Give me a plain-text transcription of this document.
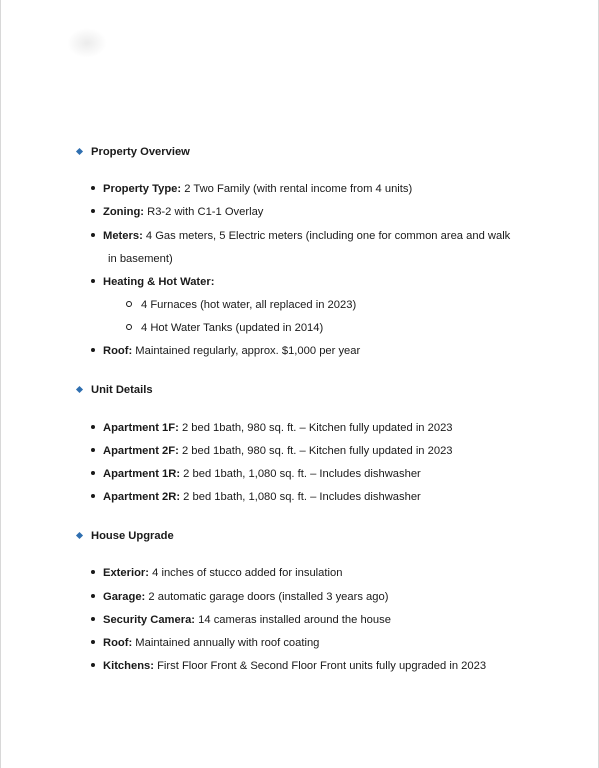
Property Overview
Property Type: 2 Two Family (with rental income from 4 units)
Zoning: R3-2 with C1-1 Overlay
Meters: 4 Gas meters, 5 Electric meters (including one for common area and walk
in basement)
Heating & Hot Water:
4 Furnaces (hot water, all replaced in 2023)
4 Hot Water Tanks (updated in 2014)
Roof: Maintained regularly, approx. $1,000 per year
Unit Details
Apartment 1F: 2 bed 1bath, 980 sq. ft. – Kitchen fully updated in 2023
Apartment 2F: 2 bed 1bath, 980 sq. ft. – Kitchen fully updated in 2023
Apartment 1R: 2 bed 1bath, 1,080 sq. ft. – Includes dishwasher
Apartment 2R: 2 bed 1bath, 1,080 sq. ft. – Includes dishwasher
House Upgrade
Exterior: 4 inches of stucco added for insulation
Garage: 2 automatic garage doors (installed 3 years ago)
Security Camera: 14 cameras installed around the house
Roof: Maintained annually with roof coating
Kitchens: First Floor Front & Second Floor Front units fully upgraded in 2023
